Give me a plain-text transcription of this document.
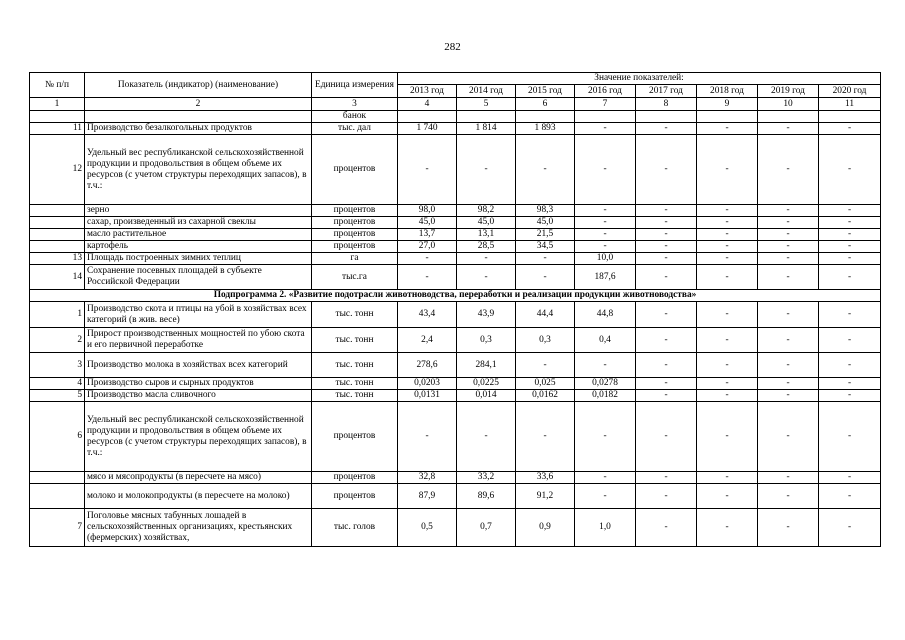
282
№ п/п	Показатель (индикатор) (наименование)	Единица измерения	Значение показателей:							
			2013 год	2014 год	2015 год	2016 год	2017 год	2018 год	2019 год	2020 год
1	2	3	4	5	6	7	8	9	10	11
		банок								
11	Производство безалкогольных продуктов	тыс. дал	1 740	1 814	1 893	-	-	-	-	-
12	Удельный вес республиканской сельскохозяйственной продукции и продовольствия в общем объеме их ресурсов (с учетом структуры переходящих запасов), в т.ч.:	процентов	-	-	-	-	-	-	-	-
	зерно	процентов	98,0	98,2	98,3	-	-	-	-	-
	сахар, произведенный из сахарной свеклы	процентов	45,0	45,0	45,0	-	-	-	-	-
	масло растительное	процентов	13,7	13,1	21,5	-	-	-	-	-
	картофель	процентов	27,0	28,5	34,5	-	-	-	-	-
13	Площадь построенных зимних теплиц	га	-	-	-	10,0	-	-	-	-
14	Сохранение посевных площадей в субъекте Российской Федерации	тыс.га	-	-	-	187,6	-	-	-	-
Подпрограмма 2. «Развитие подотрасли животноводства, переработки и реализации продукции животноводства»										
1	Производство скота и птицы на убой в хозяйствах всех категорий (в жив. весе)	тыс. тонн	43,4	43,9	44,4	44,8	-	-	-	-
2	Прирост производственных мощностей по убою скота и его первичной переработке	тыс. тонн	2,4	0,3	0,3	0,4	-	-	-	-
3	Производство молока в хозяйствах всех категорий	тыс. тонн	278,6	284,1	-	-	-	-	-	-
4	Производство сыров и сырных продуктов	тыс. тонн	0,0203	0,0225	0,025	0,0278	-	-	-	-
5	Производство масла сливочного	тыс. тонн	0,0131	0,014	0,0162	0,0182	-	-	-	-
6	Удельный вес республиканской сельскохозяйственной продукции и продовольствия в общем объеме их ресурсов (с учетом структуры переходящих запасов), в т.ч.:	процентов	-	-	-	-	-	-	-	-
	мясо и мясопродукты (в пересчете на мясо)	процентов	32,8	33,2	33,6	-	-	-	-	-
	молоко и молокопродукты (в пересчете на молоко)	процентов	87,9	89,6	91,2	-	-	-	-	-
7	Поголовье мясных табунных лошадей в сельскохозяйственных организациях, крестьянских (фермерских) хозяйствах,	тыс. голов	0,5	0,7	0,9	1,0	-	-	-	-
